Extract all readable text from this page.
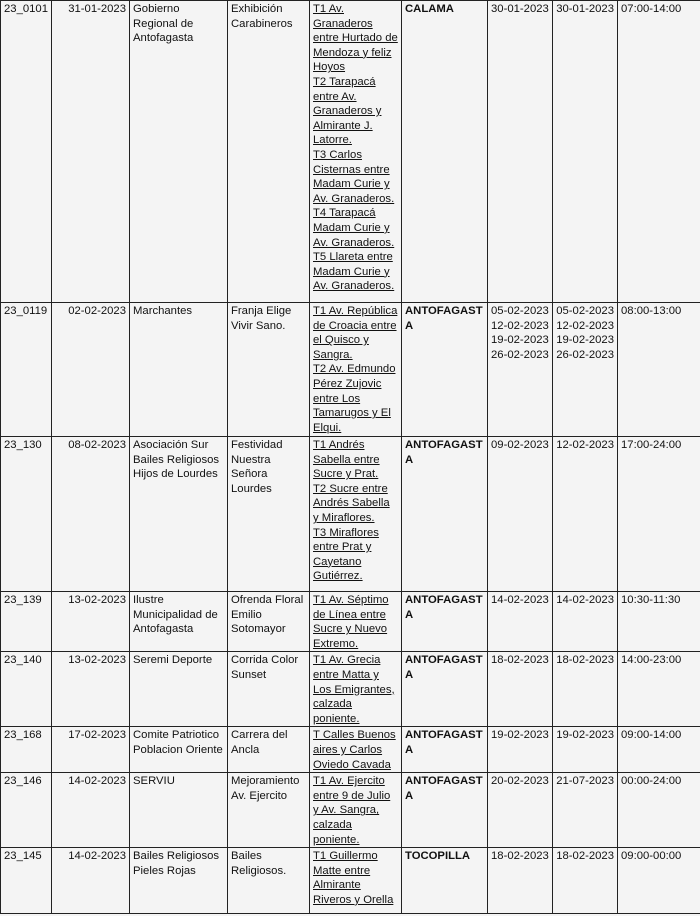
23_0101	31-01-2023	Gobierno Regional de Antofagasta	Exhibición Carabineros	T1 Av. Granaderos entre Hurtado de Mendoza y feliz Hoyos
T2 Tarapacá entre Av. Granaderos y Almirante J. Latorre.
T3 Carlos Cisternas entre Madam Curie y Av. Granaderos.
T4 Tarapacá Madam Curie y Av. Granaderos.
T5 Llareta entre Madam Curie y Av. Granaderos.	CALAMA	30-01-2023	30-01-2023	07:00-14:00
23_0119	02-02-2023	Marchantes	Franja Elige Vivir Sano.	T1 Av. República de Croacia entre el Quisco y Sangra.
T2 Av. Edmundo Pérez Zujovic entre Los Tamarugos y El Elqui.	ANTOFAGASTA	05-02-2023
12-02-2023
19-02-2023
26-02-2023	05-02-2023
12-02-2023
19-02-2023
26-02-2023	08:00-13:00
23_130	08-02-2023	Asociación Sur Bailes Religiosos Hijos de Lourdes	Festividad Nuestra Señora Lourdes	T1 Andrés Sabella entre Sucre y Prat.
T2 Sucre entre Andrés Sabella y Miraflores.
T3 Miraflores entre Prat y Cayetano Gutiérrez.	ANTOFAGASTA	09-02-2023	12-02-2023	17:00-24:00
23_139	13-02-2023	Ilustre Municipalidad de Antofagasta	Ofrenda Floral Emilio Sotomayor	T1 Av. Séptimo de Línea entre Sucre y Nuevo Extremo.	ANTOFAGASTA	14-02-2023	14-02-2023	10:30-11:30
23_140	13-02-2023	Seremi Deporte	Corrida Color Sunset	T1 Av. Grecia entre Matta y Los Emigrantes, calzada poniente.	ANTOFAGASTA	18-02-2023	18-02-2023	14:00-23:00
23_168	17-02-2023	Comite Patriotico Poblacion Oriente	Carrera del Ancla	T Calles Buenos aires y Carlos Oviedo Cavada	ANTOFAGASTA	19-02-2023	19-02-2023	09:00-14:00
23_146	14-02-2023	SERVIU	Mejoramiento Av. Ejercito	T1 Av. Ejercito entre 9 de Julio y Av. Sangra, calzada poniente.	ANTOFAGASTA	20-02-2023	21-07-2023	00:00-24:00
23_145	14-02-2023	Bailes Religiosos Pieles Rojas	Bailes Religiosos.	T1 Guillermo Matte entre Almirante Riveros y Orella	TOCOPILLA	18-02-2023	18-02-2023	09:00-00:00
